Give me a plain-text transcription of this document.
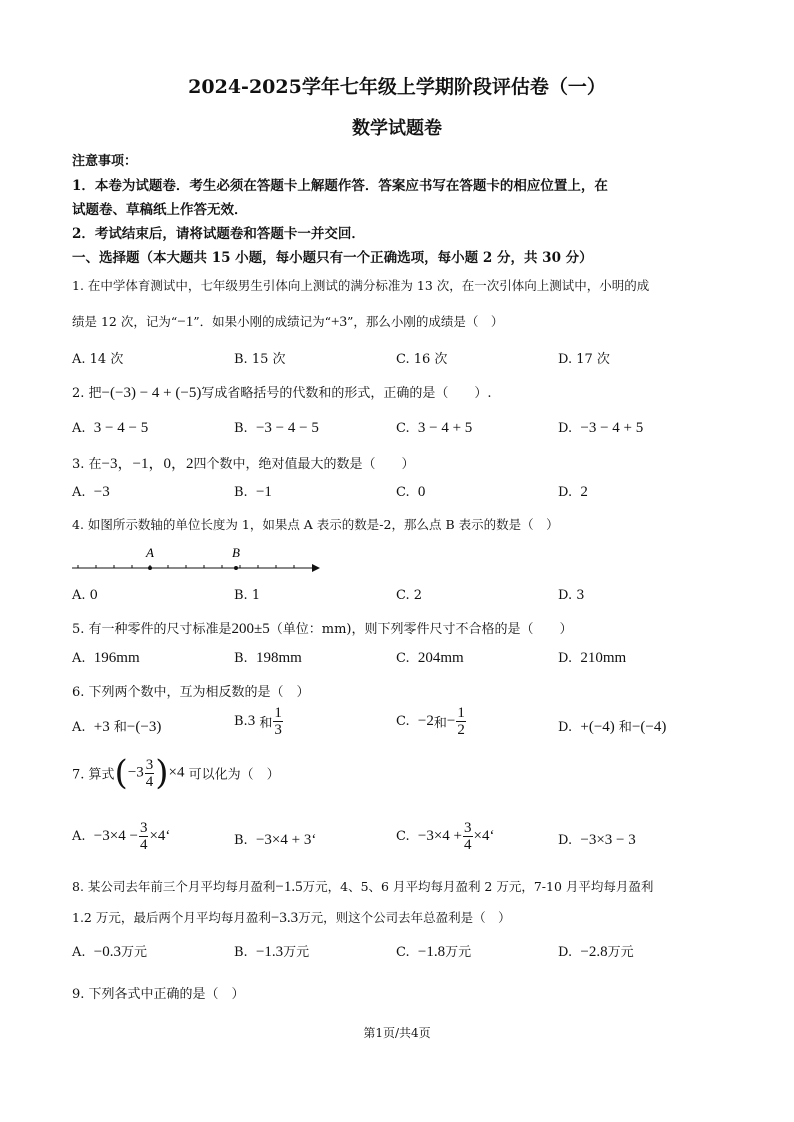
2024-2025学年七年级上学期阶段评估卷（一）
数学试题卷
注意事项：
1．本卷为试题卷．考生必须在答题卡上解题作答．答案应书写在答题卡的相应位置上，在
试题卷、草稿纸上作答无效．
2．考试结束后，请将试题卷和答题卡一并交回．
一、选择题（本大题共 15 小题，每小题只有一个正确选项，每小题 2 分，共 30 分）
1. 在中学体育测试中，七年级男生引体向上测试的满分标准为 13 次，在一次引体向上测试中，小明的成
绩是 12 次，记为“−1”．如果小刚的成绩记为“+3”，那么小刚的成绩是（　）
A. 14 次	B. 15 次	C. 16 次	D. 17 次
2. 把−(−3) − 4 + (−5)写成省略括号的代数和的形式，正确的是（　　）.
A. 3 − 4 − 5	B. −3 − 4 − 5	C. 3 − 4 + 5	D. −3 − 4 + 5
3. 在−3，−1，0，2四个数中，绝对值最大的数是（　　）
A. −3	B. −1	C. 0	D. 2
4. 如图所示数轴的单位长度为 1，如果点 A 表示的数是-2，那么点 B 表示的数是（　）
A	B
A. 0	B. 1	C. 2	D. 3
5. 有一种零件的尺寸标准是200±5（单位：mm)，则下列零件尺寸不合格的是（　　）
A. 196mm	B. 198mm	C. 204mm	D. 210mm
6. 下列两个数中，互为相反数的是（　）
A. +3 和−(−3)	B.3 和 $\frac{1}{3}$	C. −2和− $\frac{1}{2}$	D. +(−4) 和−(−4)
7. 算式$(-3 \frac{3}{4} )\times 4$ 可以化为（　）
A. $-3\times 4 - \frac{3}{4}$ ×4‘	B. −3×4 + 3‘	C. $-3\times 4 + \frac{3}{4}$ ×4‘	D. −3×3 − 3
8. 某公司去年前三个月平均每月盈利−1.5万元，4、5、6 月平均每月盈利 2 万元，7-10 月平均每月盈利
1.2 万元，最后两个月平均每月盈利−3.3万元，则这个公司去年总盈利是（　）
A. −0.3万元	B. −1.3万元	C. −1.8万元	D. −2.8万元
9. 下列各式中正确的是（　）
第1页/共4页
